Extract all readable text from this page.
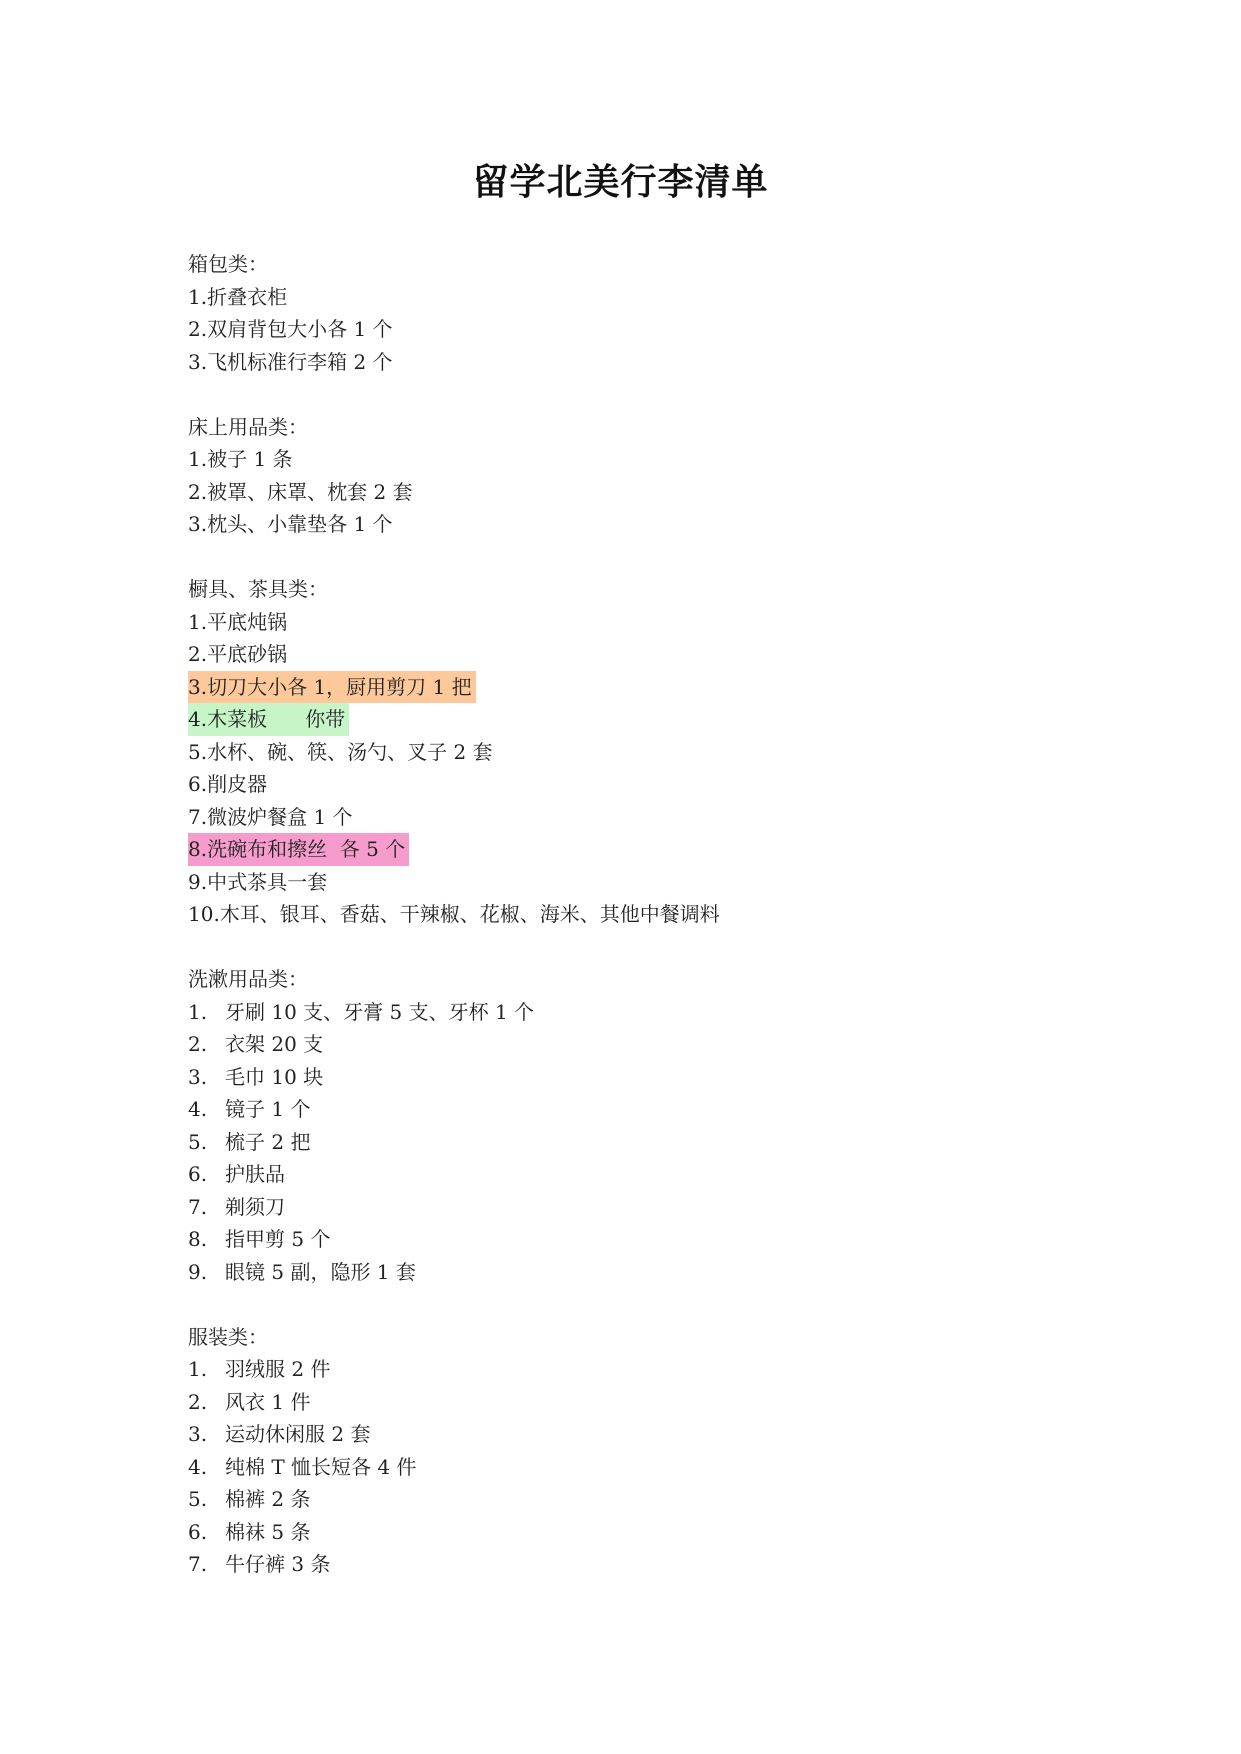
留学北美行李清单
箱包类：
1.折叠衣柜
2.双肩背包大小各 1 个
3.飞机标准行李箱 2 个
床上用品类：
1.被子 1 条
2.被罩、床罩、枕套 2 套
3.枕头、小靠垫各 1 个
橱具、茶具类：
1.平底炖锅
2.平底砂锅
3.切刀大小各 1，厨用剪刀 1 把
4.木菜板      你带
5.水杯、碗、筷、汤勺、叉子 2 套
6.削皮器
7.微波炉餐盒 1 个
8.洗碗布和擦丝  各 5 个
9.中式茶具一套
10.木耳、银耳、香菇、干辣椒、花椒、海米、其他中餐调料
洗漱用品类：
1. 牙刷 10 支、牙膏 5 支、牙杯 1 个
2. 衣架 20 支
3. 毛巾 10 块
4. 镜子 1 个
5. 梳子 2 把
6. 护肤品
7. 剃须刀
8. 指甲剪 5 个
9. 眼镜 5 副，隐形 1 套
服装类：
1. 羽绒服 2 件
2. 风衣 1 件
3. 运动休闲服 2 套
4. 纯棉 T 恤长短各 4 件
5. 棉裤 2 条
6. 棉袜 5 条
7. 牛仔裤 3 条
